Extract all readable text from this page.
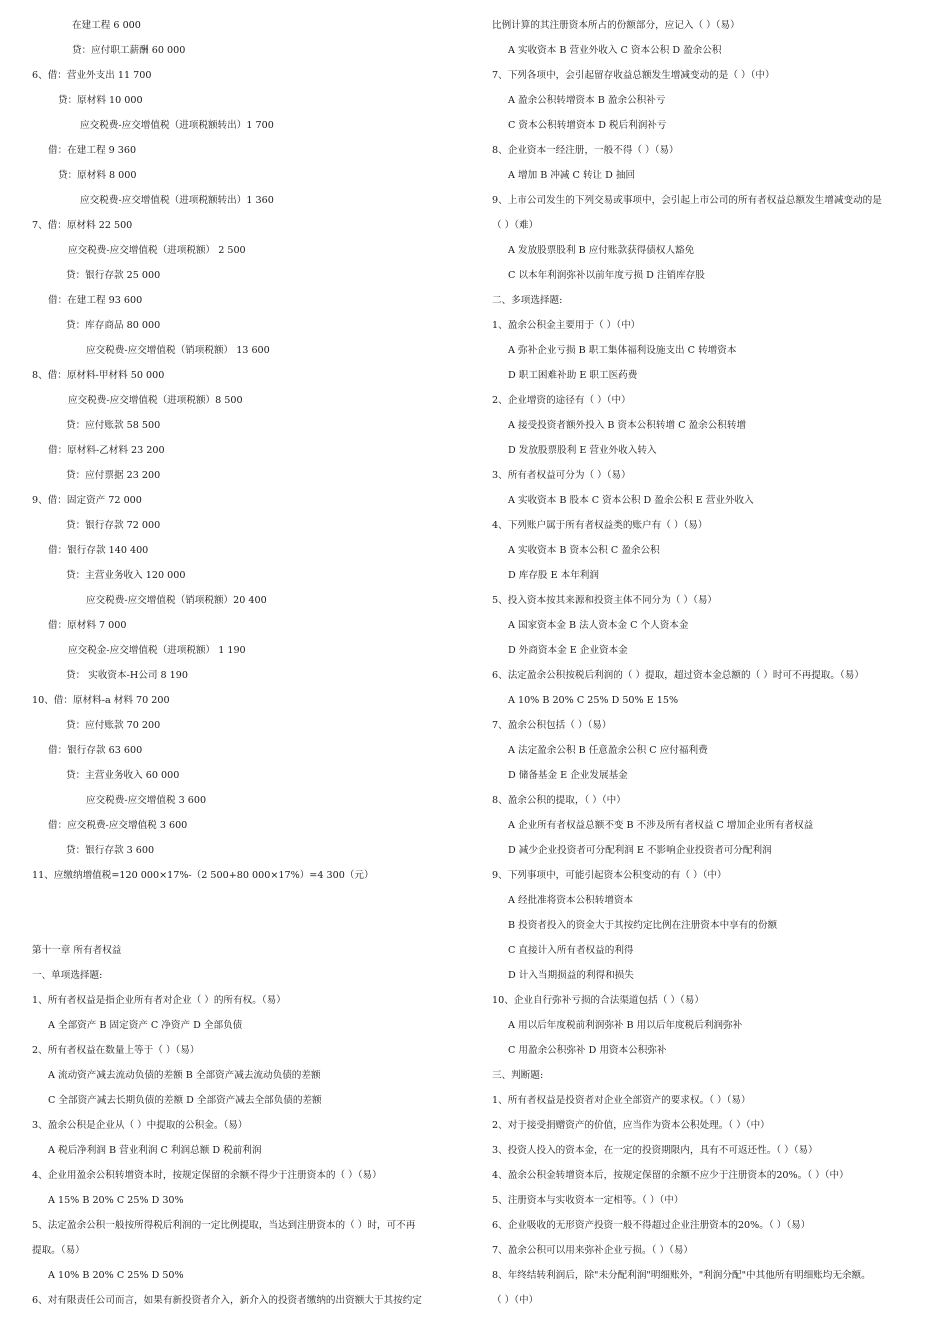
在建工程 6 000
贷：应付职工薪酬 60 000
6、借：营业外支出 11 700
贷：原材料 10 000
应交税费-应交增值税（进项税额转出）1 700
借：在建工程 9 360
贷：原材料 8 000
应交税费-应交增值税（进项税额转出）1 360
7、借：原材料 22 500
应交税费-应交增值税（进项税额） 2 500
贷：银行存款 25 000
借：在建工程 93 600
贷：库存商品 80 000
应交税费-应交增值税（销项税额） 13 600
8、借：原材料-甲材料 50 000
应交税费-应交增值税（进项税额）8 500
贷：应付账款 58 500
借：原材料-乙材料 23 200
贷：应付票据 23 200
9、借：固定资产 72 000
贷：银行存款 72 000
借：银行存款 140 400
贷：主营业务收入 120 000
应交税费-应交增值税（销项税额）20 400
借：原材料 7 000
应交税金-应交增值税（进项税额） 1 190
贷： 实收资本-H公司 8 190
10、借：原材料-a 材料 70 200
贷：应付账款 70 200
借：银行存款 63 600
贷：主营业务收入 60 000
应交税费-应交增值税 3 600
借：应交税费-应交增值税 3 600
贷：银行存款 3 600
11、应缴纳增值税=120 000×17%-（2 500+80 000×17%）=4 300（元）
第十一章 所有者权益
一、单项选择题:
1、所有者权益是指企业所有者对企业（ ）的所有权。（易）
A 全部资产 B 固定资产 C 净资产 D 全部负债
2、所有者权益在数量上等于（ ）（易）
A 流动资产减去流动负债的差额 B 全部资产减去流动负债的差额
C 全部资产减去长期负债的差额 D 全部资产减去全部负债的差额
3、盈余公积是企业从（ ）中提取的公积金。（易）
A 税后净利润 B 营业利润 C 利润总额 D 税前利润
4、企业用盈余公积转增资本时，按规定保留的余额不得少于注册资本的（ ）（易）
A 15% B 20% C 25% D 30%
5、法定盈余公积一般按所得税后利润的一定比例提取，当达到注册资本的（ ）时，可不再
提取。（易）
A 10% B 20% C 25% D 50%
6、对有限责任公司而言，如果有新投资者介入，新介入的投资者缴纳的出资额大于其按约定
比例计算的其注册资本所占的份额部分，应记入（ ）（易）
A 实收资本 B 营业外收入 C 资本公积 D 盈余公积
7、下列各项中，会引起留存收益总额发生增减变动的是（ ）（中）
A 盈余公积转增资本 B 盈余公积补亏
C 资本公积转增资本 D 税后利润补亏
8、企业资本一经注册，一般不得（ ）（易）
A 增加 B 冲减 C 转让 D 抽回
9、上市公司发生的下列交易或事项中，会引起上市公司的所有者权益总额发生增减变动的是
（ ）（难）
A 发放股票股利 B 应付账款获得债权人豁免
C 以本年利润弥补以前年度亏损 D 注销库存股
二、多项选择题:
1、盈余公积金主要用于（ ）（中）
A 弥补企业亏损 B 职工集体福利设施支出 C 转增资本
D 职工困难补助 E 职工医药费
2、企业增资的途径有（ ）（中）
A 接受投资者额外投入 B 资本公积转增 C 盈余公积转增
D 发放股票股利 E 营业外收入转入
3、所有者权益可分为（ ）（易）
A 实收资本 B 股本 C 资本公积 D 盈余公积 E 营业外收入
4、下列账户属于所有者权益类的账户有（ ）（易）
A 实收资本 B 资本公积 C 盈余公积
D 库存股 E 本年利润
5、投入资本按其来源和投资主体不同分为（ ）（易）
A 国家资本金 B 法人资本金 C 个人资本金
D 外商资本金 E 企业资本金
6、法定盈余公积按税后利润的（ ）提取，超过资本金总额的（ ）时可不再提取。（易）
A 10% B 20% C 25% D 50% E 15%
7、盈余公积包括（ ）（易）
A 法定盈余公积 B 任意盈余公积 C 应付福利费
D 储备基金 E 企业发展基金
8、盈余公积的提取，（ ）（中）
A 企业所有者权益总额不变 B 不涉及所有者权益 C 增加企业所有者权益
D 减少企业投资者可分配利润 E 不影响企业投资者可分配利润
9、下列事项中，可能引起资本公积变动的有（ ）（中）
A 经批准将资本公积转增资本
B 投资者投入的资金大于其按约定比例在注册资本中享有的份额
C 直接计入所有者权益的利得
D 计入当期损益的利得和损失
10、企业自行弥补亏损的合法渠道包括（ ）（易）
A 用以后年度税前利润弥补 B 用以后年度税后利润弥补
C 用盈余公积弥补 D 用资本公积弥补
三、判断题:
1、所有者权益是投资者对企业全部资产的要求权。（ ）（易）
2、对于接受捐赠资产的价值，应当作为资本公积处理。（ ）（中）
3、投资人投入的资本金，在一定的投资期限内，具有不可返还性。（ ）（易）
4、盈余公积金转增资本后，按规定保留的余额不应少于注册资本的20%。（ ）（中）
5、注册资本与实收资本一定相等。（ ）（中）
6、企业吸收的无形资产投资一般不得超过企业注册资本的20%。（ ）（易）
7、盈余公积可以用来弥补企业亏损。（ ）（易）
8、年终结转利润后，除"未分配利润"明细账外，"利润分配"中其他所有明细账均无余额。
（ ）（中）
